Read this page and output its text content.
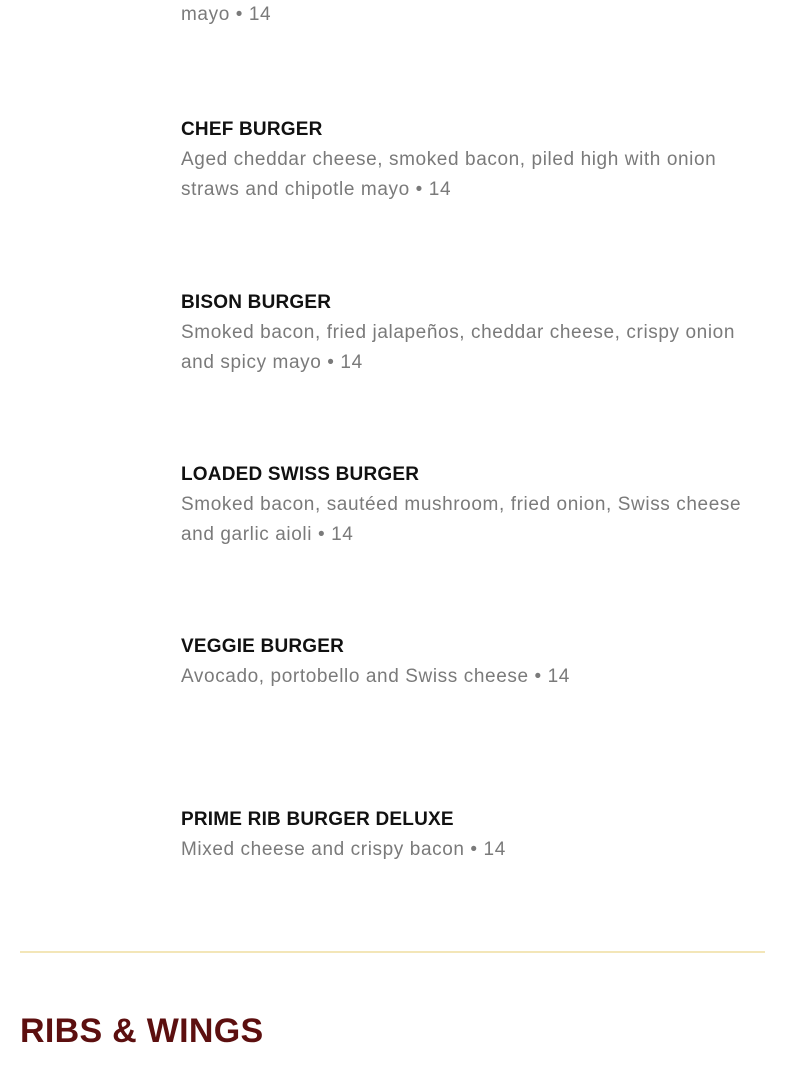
mayo • 14
CHEF BURGER

Aged cheddar cheese, smoked bacon, piled high with onion straws and chipotle mayo • 14

BISON BURGER

Smoked bacon, fried jalapeños, cheddar cheese, crispy onion and spicy mayo • 14

LOADED SWISS BURGER

Smoked bacon, sautéed mushroom, fried onion, Swiss cheese and garlic aioli • 14

VEGGIE BURGER

Avocado, portobello and Swiss cheese • 14

PRIME RIB BURGER DELUXE

Mixed cheese and crispy bacon • 14

RIBS & WINGS
